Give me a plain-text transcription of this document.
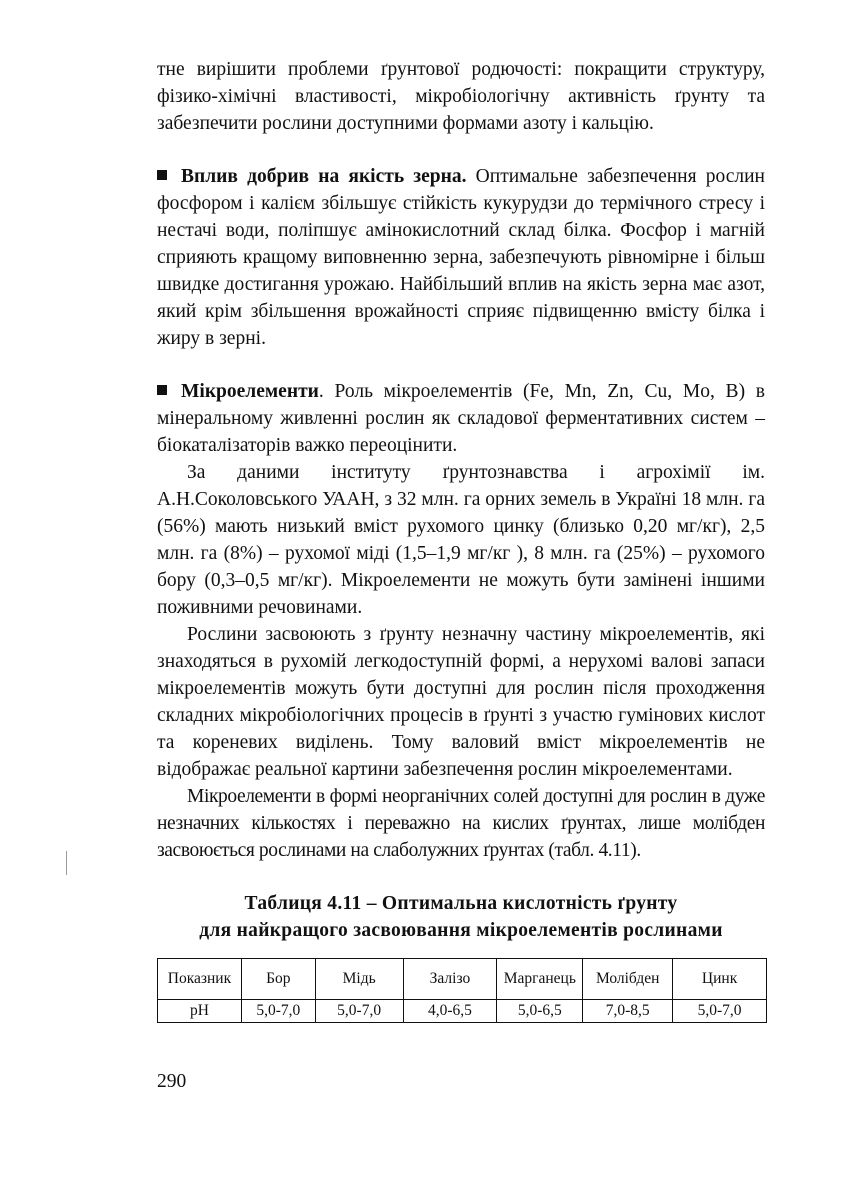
тне вирішити проблеми ґрунтової родючості: покращити структуру, фізико-хімічні властивості, мікробіологічну активність ґрунту та забезпечити рослини доступними формами азоту і кальцію.

Вплив добрив на якість зерна. Оптимальне забезпечення рослин фосфором і калієм збільшує стійкість кукурудзи до термічного стресу і нестачі води, поліпшує амінокислотний склад білка. Фосфор і магній сприяють кращому виповненню зерна, забезпечують рівномірне і більш швидке достигання урожаю. Найбільший вплив на якість зерна має азот, який крім збільшення врожайності сприяє підвищенню вмісту білка і жиру в зерні.

Мікроелементи. Роль мікроелементів (Fe, Mn, Zn, Cu, Mo, B) в мінеральному живленні рослин як складової ферментативних систем – біокаталізаторів важко переоцінити.

За даними інституту ґрунтознавства і агрохімії ім. А.Н.Соколовського УААН, з 32 млн. га орних земель в Україні 18 млн. га (56%) мають низький вміст рухомого цинку (близько 0,20 мг/кг), 2,5 млн. га (8%) – рухомої міді (1,5–1,9 мг/кг ), 8 млн. га (25%) – рухомого бору (0,3–0,5 мг/кг). Мікроелементи не можуть бути замінені іншими поживними речовинами.

Рослини засвоюють з ґрунту незначну частину мікроелементів, які знаходяться в рухомій легкодоступній формі, а нерухомі валові запаси мікроелементів можуть бути доступні для рослин після проходження складних мікробіологічних процесів в ґрунті з участю гумінових кислот та кореневих виділень. Тому валовий вміст мікроелементів не відображає реальної картини забезпечення рослин мікроелементами.

Мікроелементи в формі неорганічних солей доступні для рослин в дуже незначних кількостях і переважно на кислих ґрунтах, лише молібден засвоюється рослинами на слаболужних ґрунтах (табл. 4.11).

Таблиця 4.11 – Оптимальна кислотність ґрунту
для найкращого засвоювання мікроелементів рослинами
Показник	Бор	Мідь	Залізо	Марганець	Молібден	Цинк
pH	5,0-7,0	5,0-7,0	4,0-6,5	5,0-6,5	7,0-8,5	5,0-7,0
290
